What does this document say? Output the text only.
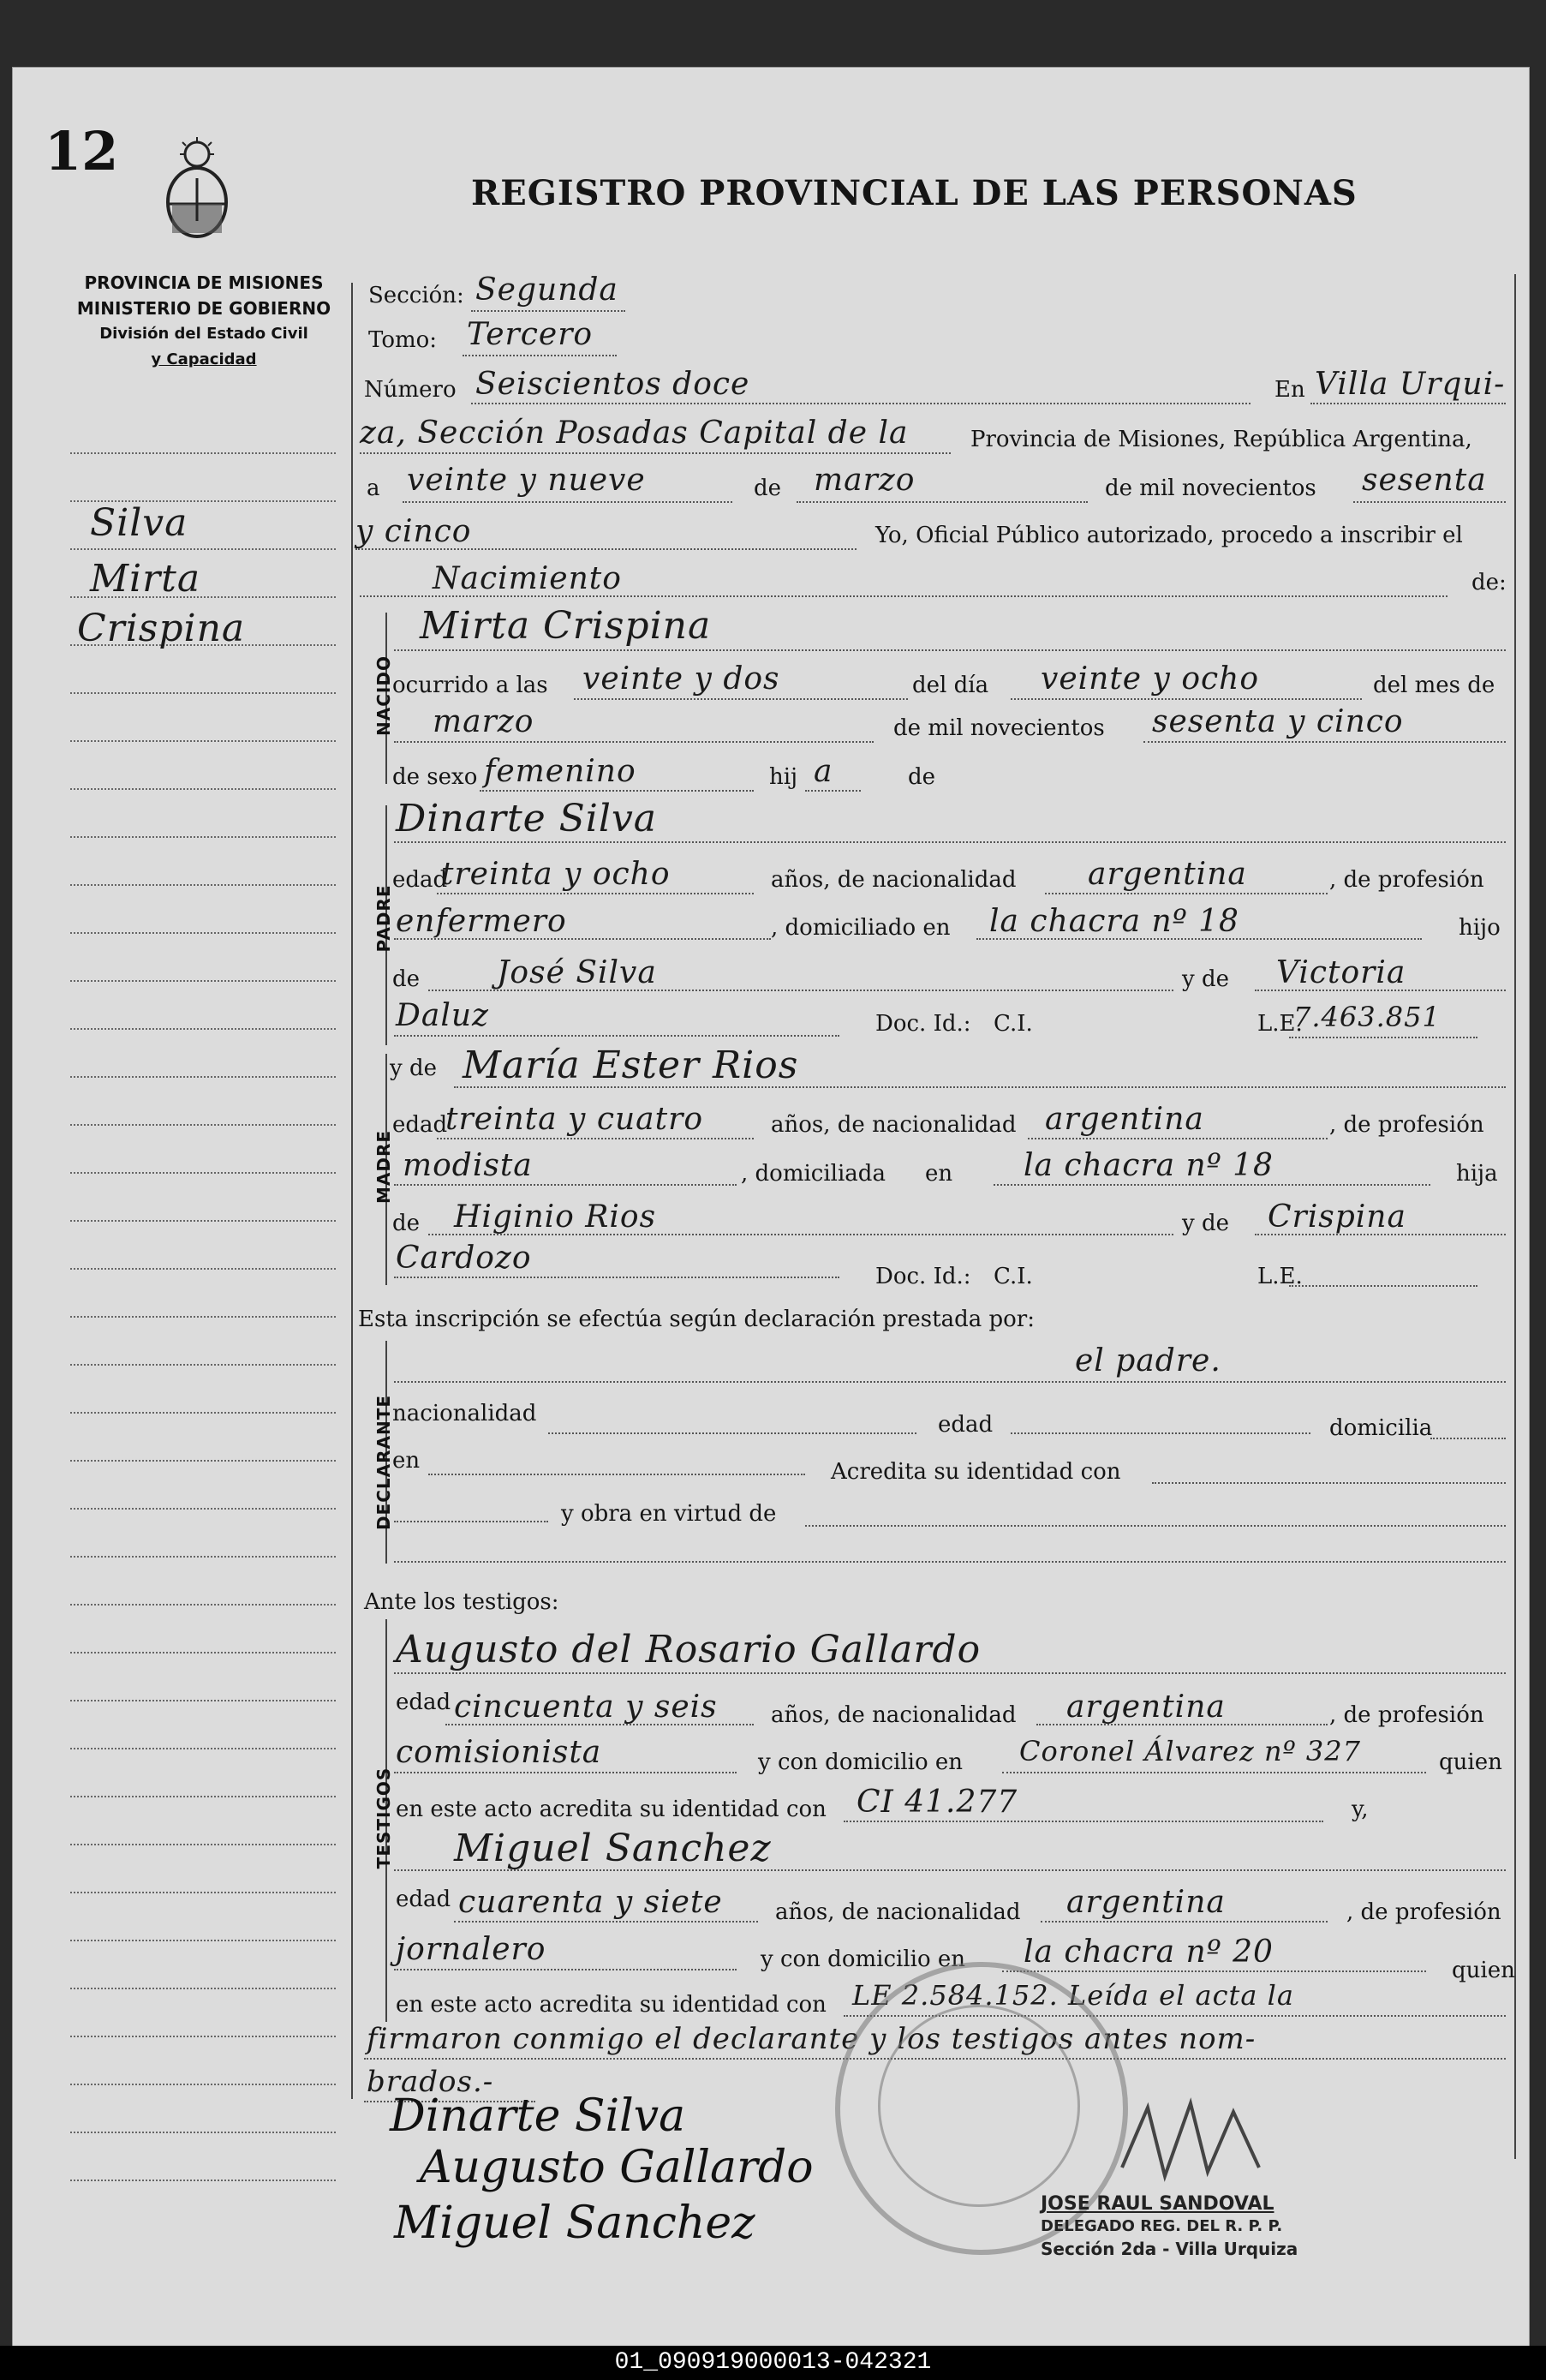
12
REGISTRO PROVINCIAL DE LAS PERSONAS
PROVINCIA DE MISIONES
MINISTERIO DE GOBIERNO
División del Estado Civil
y Capacidad
Silva
Mirta
Crispina
Sección: Segunda
Tomo: Tercero
Número Seiscientos doce	En Villa Urqui-
za, Sección Posadas Capital de la	Provincia de Misiones, República Argentina,
a veinte y nueve	de marzo	de mil novecientos sesenta
y cinco	Yo, Oficial Público autorizado, procedo a inscribir el
Nacimiento	de:
NACIDO
Mirta Crispina
ocurrido a las veinte y dos	del día veinte y ocho	del mes de
marzo	de mil novecientos sesenta y cinco
de sexo femenino	hij a	de
PADRE
Dinarte Silva
edad
treinta y ocho	años, de nacionalidad argentina	, de profesión
enfermero	, domiciliado en la chacra nº 18	hijo
de José Silva	y de Victoria
Daluz	Doc. Id.: C.I.	L.E.
7.463.851
MADRE
y de María Ester Rios
edad
treinta y cuatro	años, de nacionalidad argentina	, de profesión
modista	, domiciliada en la chacra nº 18	hija
de Higinio Rios	y de Crispina
Cardozo
Doc. Id.: C.I.	L.E.
Esta inscripción se efectúa según declaración prestada por:
DECLARANTE
el padre.
nacionalidad	edad	domicilia
en	Acredita su identidad con
y obra en virtud de
Ante los testigos:
TESTIGOS
Augusto del Rosario Gallardo
edad cincuenta y seis años, de nacionalidad argentina	, de profesión
comisionista	y con domicilio en Coronel Álvarez nº 327	quien
en este acto acredita su identidad con CI 41.277	y,
Miguel Sanchez
edad cuarenta y siete años, de nacionalidad argentina	, de profesión
jornalero	y con domicilio en la chacra nº 20
quien
en este acto acredita su identidad con LE 2.584.152. Leída el acta la
firmaron conmigo el declarante y los testigos antes nom-
brados.-
Dinarte Silva
Augusto Gallardo
Miguel Sanchez	JOSE RAUL SANDOVAL
DELEGADO REG. DEL R. P. P.
Sección 2da - Villa Urquiza
01_090919000013-042321
